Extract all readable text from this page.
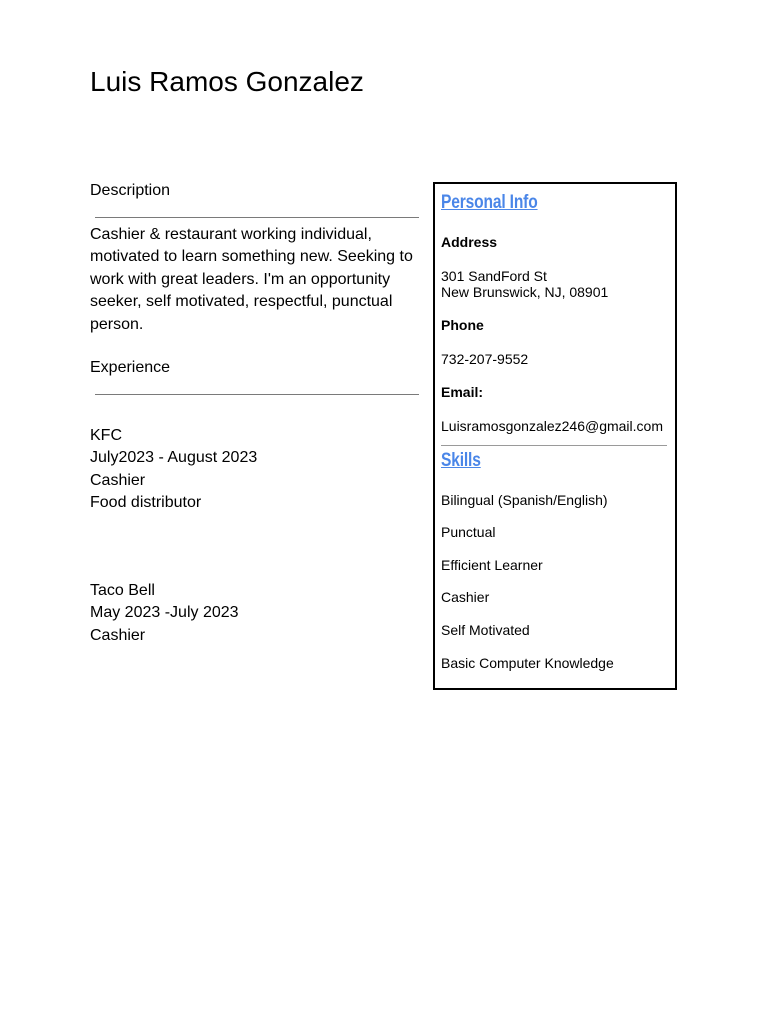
Luis Ramos Gonzalez
Description
Cashier & restaurant working individual, motivated to learn something new. Seeking to work with great leaders. I'm an opportunity seeker, self motivated, respectful, punctual person.
Experience
KFC
July2023 - August 2023
Cashier
Food distributor
Taco Bell
May 2023 -July 2023
Cashier
Personal Info
Address
301 SandFord St
New Brunswick, NJ, 08901
Phone
732-207-9552
Email:
Luisramosgonzalez246@gmail.com
Skills
Bilingual (Spanish/English)
Punctual
Efficient Learner
Cashier
Self Motivated
Basic Computer Knowledge
